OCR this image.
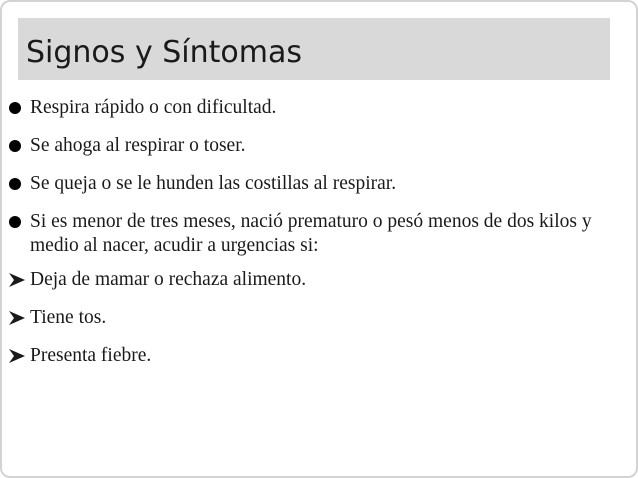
Signos y Síntomas
Respira rápido o con dificultad.
Se ahoga al respirar o toser.
Se queja o se le hunden las costillas al respirar.
Si es menor de tres meses, nació prematuro o pesó menos de dos kilos y medio al nacer, acudir a urgencias si:
Deja de mamar o rechaza alimento.
Tiene tos.
Presenta fiebre.
